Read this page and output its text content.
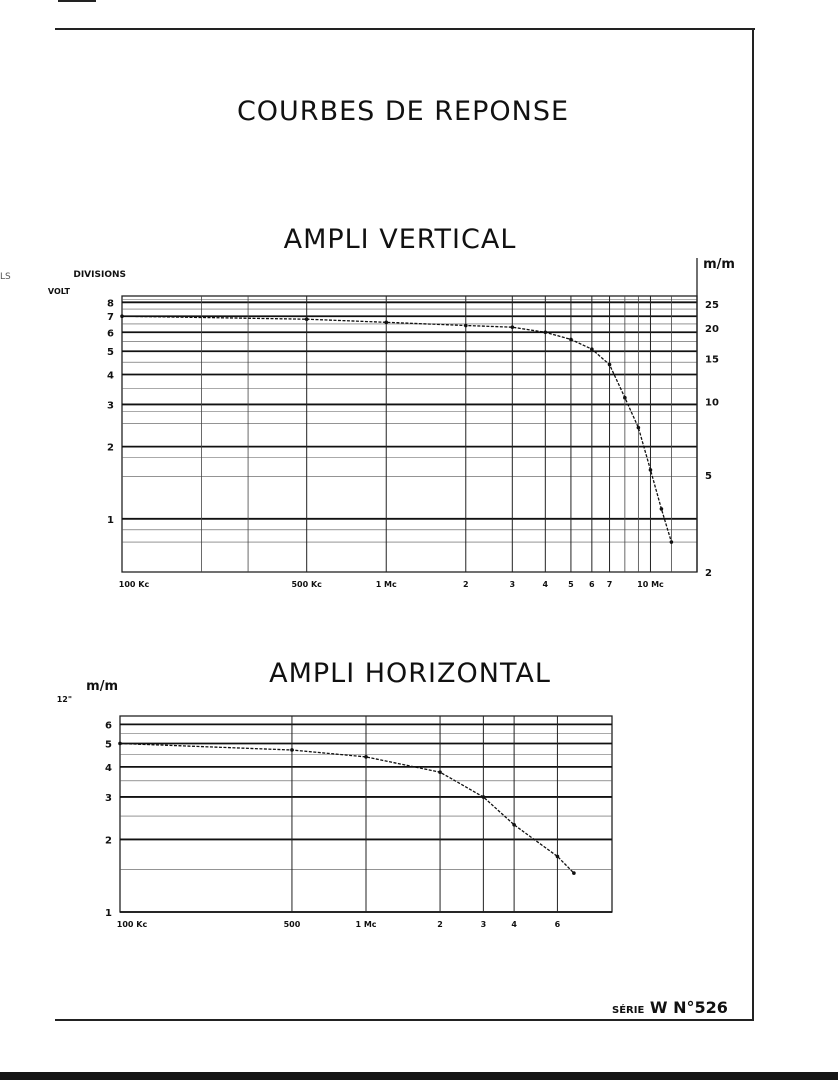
LS
COURBES DE REPONSE
AMPLI VERTICAL
AMPLI HORIZONTAL
SÉRIE W N°526
100 Kc	500 Kc	1 Mc	2	3	4	5 6 7	10 Mc
8
7
6
5
4
3
2
1
DIVISIONS
VOLT
25
20
15
10
5
2
m/m
100 Kc	500	1 Mc	2	3	4	6
6
5
4
3
2
1
m/m
12"
